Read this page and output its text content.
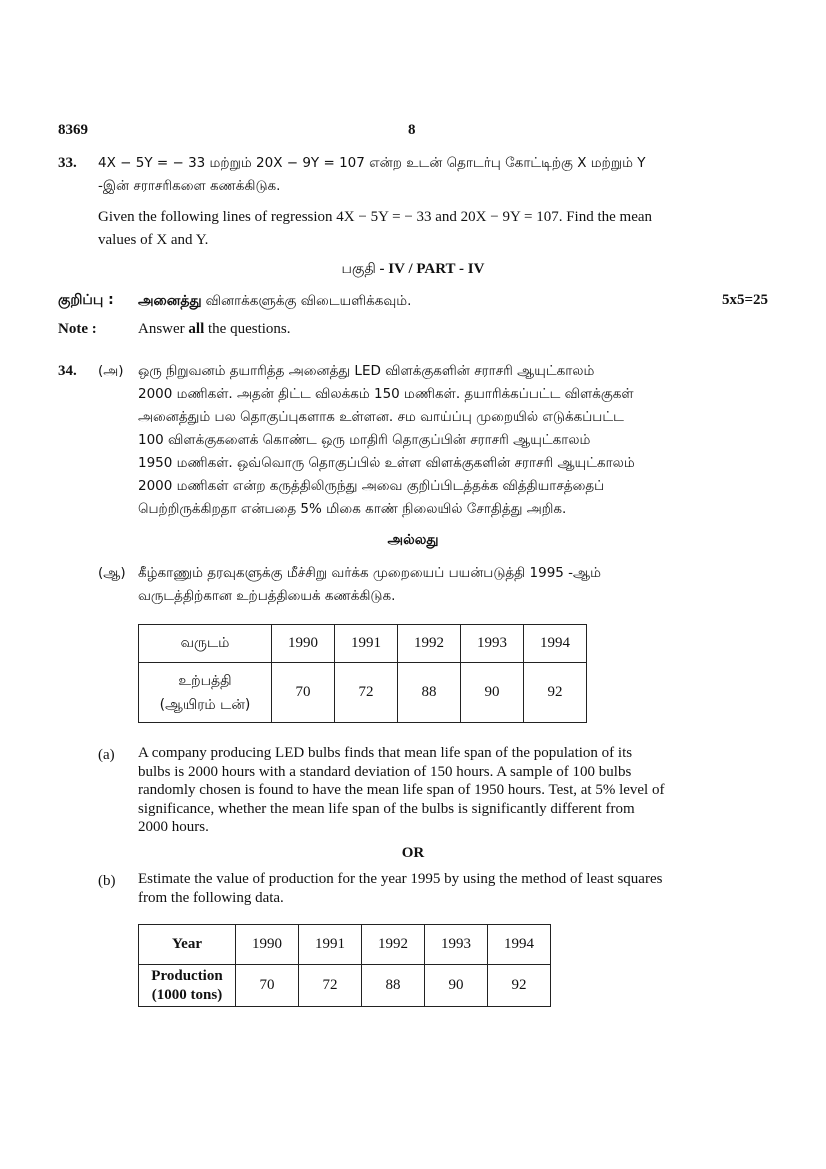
8369	8
33. 4X − 5Y = − 33 மற்றும் 20X − 9Y = 107 என்ற உடன் தொடர்பு கோட்டிற்கு X மற்றும் Y
-இன் சராசரிகளை கணக்கிடுக.
Given the following lines of regression 4X − 5Y = − 33 and 20X − 9Y = 107. Find the mean
values of X and Y.
பகுதி - IV / PART - IV
குறிப்பு : அனைத்து வினாக்களுக்கு விடையளிக்கவும்.	5x5=25
Note :	Answer all the questions.
34. (அ) ஒரு நிறுவனம் தயாரித்த அனைத்து LED விளக்குகளின் சராசரி ஆயுட்காலம்
2000 மணிகள். அதன் திட்ட விலக்கம் 150 மணிகள். தயாரிக்கப்பட்ட விளக்குகள்
அனைத்தும் பல தொகுப்புகளாக உள்ளன. சம வாய்ப்பு முறையில் எடுக்கப்பட்ட
100 விளக்குகளைக் கொண்ட ஒரு மாதிரி தொகுப்பின் சராசரி ஆயுட்காலம்
1950 மணிகள். ஒவ்வொரு தொகுப்பில் உள்ள விளக்குகளின் சராசரி ஆயுட்காலம்
2000 மணிகள் என்ற கருத்திலிருந்து அவை குறிப்பிடத்தக்க வித்தியாசத்தைப்
பெற்றிருக்கிறதா என்பதை 5% மிகை காண் நிலையில் சோதித்து அறிக.
அல்லது
(ஆ) கீழ்காணும் தரவுகளுக்கு மீச்சிறு வர்க்க முறையைப் பயன்படுத்தி 1995 -ஆம்
வருடத்திற்கான உற்பத்தியைக் கணக்கிடுக.
வருடம்	1990	1991	1992	1993	1994

உற்பத்தி
(ஆயிரம் டன்)	70	72	88	90	92
(a) A company producing LED bulbs finds that mean life span of the population of its
bulbs is 2000 hours with a standard deviation of 150 hours. A sample of 100 bulbs
randomly chosen is found to have the mean life span of 1950 hours. Test, at 5% level of
significance, whether the mean life span of the bulbs is significantly different from
2000 hours.
OR
(b) Estimate the value of production for the year 1995 by using the method of least squares
from the following data.
Year	1990	1991	1992	1993	1994

Production
(1000 tons)	70	72	88	90	92
